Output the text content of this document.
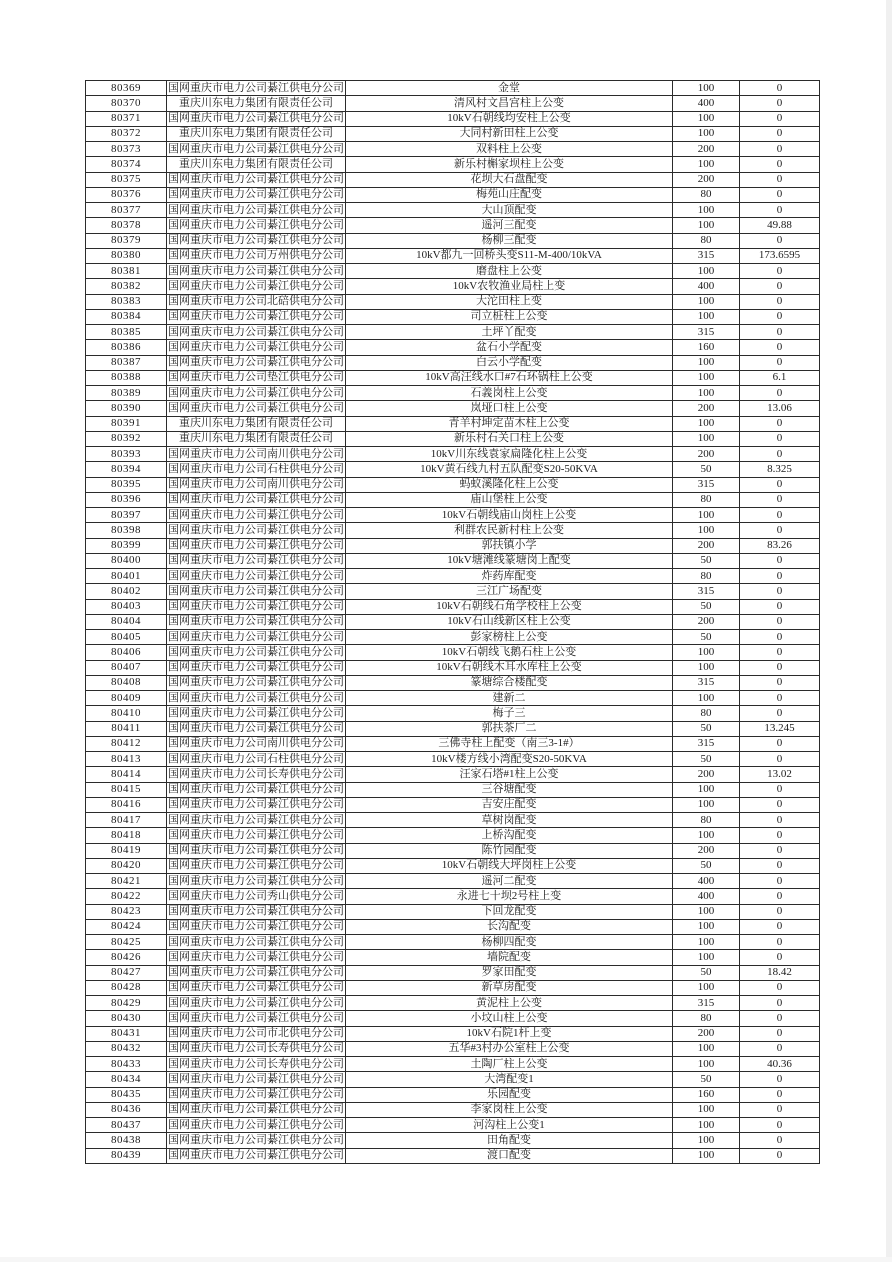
80369	国网重庆市电力公司綦江供电分公司	金堂	100	0
80370	重庆川东电力集团有限责任公司	清风村文昌宫柱上公变	400	0
80371	国网重庆市电力公司綦江供电分公司	10kV石朝线均安柱上公变	100	0
80372	重庆川东电力集团有限责任公司	大同村新田柱上公变	100	0
80373	国网重庆市电力公司綦江供电分公司	双料柱上公变	200	0
80374	重庆川东电力集团有限责任公司	新乐村槲家坝柱上公变	100	0
80375	国网重庆市电力公司綦江供电分公司	花坝大石盘配变	200	0
80376	国网重庆市电力公司綦江供电分公司	梅苑山庄配变	80	0
80377	国网重庆市电力公司綦江供电分公司	大山顶配变	100	0
80378	国网重庆市电力公司綦江供电分公司	遥河三配变	100	49.88
80379	国网重庆市电力公司綦江供电分公司	杨柳三配变	80	0
80380	国网重庆市电力公司万州供电分公司	10kV都九一回桥头变S11-M-400/10kVA	315	173.6595
80381	国网重庆市电力公司綦江供电分公司	磨盘柱上公变	100	0
80382	国网重庆市电力公司綦江供电分公司	10kV农牧渔业局柱上变	400	0
80383	国网重庆市电力公司北碚供电分公司	大沱田柱上变	100	0
80384	国网重庆市电力公司綦江供电分公司	司立桩柱上公变	100	0
80385	国网重庆市电力公司綦江供电分公司	土坪丫配变	315	0
80386	国网重庆市电力公司綦江供电分公司	盆石小学配变	160	0
80387	国网重庆市电力公司綦江供电分公司	白云小学配变	100	0
80388	国网重庆市电力公司垫江供电分公司	10kV高汪线水口#7石环锅柱上公变	100	6.1
80389	国网重庆市电力公司綦江供电分公司	石義岗柱上公变	100	0
80390	国网重庆市电力公司綦江供电分公司	岚垭口柱上公变	200	13.06
80391	重庆川东电力集团有限责任公司	青羊村坤定苗木柱上公变	100	0
80392	重庆川东电力集团有限责任公司	新乐村石关口柱上公变	100	0
80393	国网重庆市电力公司南川供电分公司	10kV川东线袁家扁隆化柱上公变	200	0
80394	国网重庆市电力公司石柱供电分公司	10kV黄石线九村五队配变S20-50KVA	50	8.325
80395	国网重庆市电力公司南川供电分公司	蚂蚁溪隆化柱上公变	315	0
80396	国网重庆市电力公司綦江供电分公司	庙山堡柱上公变	80	0
80397	国网重庆市电力公司綦江供电分公司	10kV石朝线庙山岗柱上公变	100	0
80398	国网重庆市电力公司綦江供电分公司	利群农民新村柱上公变	100	0
80399	国网重庆市电力公司綦江供电分公司	郭扶镇小学	200	83.26
80400	国网重庆市电力公司綦江供电分公司	10kV塘滩线篆塘岗上配变	50	0
80401	国网重庆市电力公司綦江供电分公司	炸药库配变	80	0
80402	国网重庆市电力公司綦江供电分公司	三江广场配变	315	0
80403	国网重庆市电力公司綦江供电分公司	10kV石朝线石角学校柱上公变	50	0
80404	国网重庆市电力公司綦江供电分公司	10kV石山线新区柱上公变	200	0
80405	国网重庆市电力公司綦江供电分公司	彭家榜柱上公变	50	0
80406	国网重庆市电力公司綦江供电分公司	10kV石朝线飞鹅石柱上公变	100	0
80407	国网重庆市电力公司綦江供电分公司	10kV石朝线木耳水库柱上公变	100	0
80408	国网重庆市电力公司綦江供电分公司	篆塘综合楼配变	315	0
80409	国网重庆市电力公司綦江供电分公司	建新二	100	0
80410	国网重庆市电力公司綦江供电分公司	梅子三	80	0
80411	国网重庆市电力公司綦江供电分公司	郭扶茶厂二	50	13.245
80412	国网重庆市电力公司南川供电分公司	三佛寺柱上配变（南三3-1#）	315	0
80413	国网重庆市电力公司石柱供电分公司	10kV楼方线小湾配变S20-50KVA	50	0
80414	国网重庆市电力公司长寿供电分公司	汪家石塔#1柱上公变	200	13.02
80415	国网重庆市电力公司綦江供电分公司	三谷塘配变	100	0
80416	国网重庆市电力公司綦江供电分公司	吉安庄配变	100	0
80417	国网重庆市电力公司綦江供电分公司	草树岗配变	80	0
80418	国网重庆市电力公司綦江供电分公司	上桥沟配变	100	0
80419	国网重庆市电力公司綦江供电分公司	陈竹园配变	200	0
80420	国网重庆市电力公司綦江供电分公司	10kV石朝线大坪岗柱上公变	50	0
80421	国网重庆市电力公司綦江供电分公司	遥河二配变	400	0
80422	国网重庆市电力公司秀山供电分公司	永进七十坝2号柱上变	400	0
80423	国网重庆市电力公司綦江供电分公司	下回龙配变	100	0
80424	国网重庆市电力公司綦江供电分公司	长沟配变	100	0
80425	国网重庆市电力公司綦江供电分公司	杨柳四配变	100	0
80426	国网重庆市电力公司綦江供电分公司	墙院配变	100	0
80427	国网重庆市电力公司綦江供电分公司	罗家田配变	50	18.42
80428	国网重庆市电力公司綦江供电分公司	新草房配变	100	0
80429	国网重庆市电力公司綦江供电分公司	黄泥柱上公变	315	0
80430	国网重庆市电力公司綦江供电分公司	小坟山柱上公变	80	0
80431	国网重庆市电力公司市北供电分公司	10kV石院1杆上变	200	0
80432	国网重庆市电力公司长寿供电分公司	五华#3村办公室柱上公变	100	0
80433	国网重庆市电力公司长寿供电分公司	土陶厂柱上公变	100	40.36
80434	国网重庆市电力公司綦江供电分公司	大湾配变1	50	0
80435	国网重庆市电力公司綦江供电分公司	乐园配变	160	0
80436	国网重庆市电力公司綦江供电分公司	李家岗柱上公变	100	0
80437	国网重庆市电力公司綦江供电分公司	河沟柱上公变1	100	0
80438	国网重庆市电力公司綦江供电分公司	田角配变	100	0
80439	国网重庆市电力公司綦江供电分公司	渡口配变	100	0
